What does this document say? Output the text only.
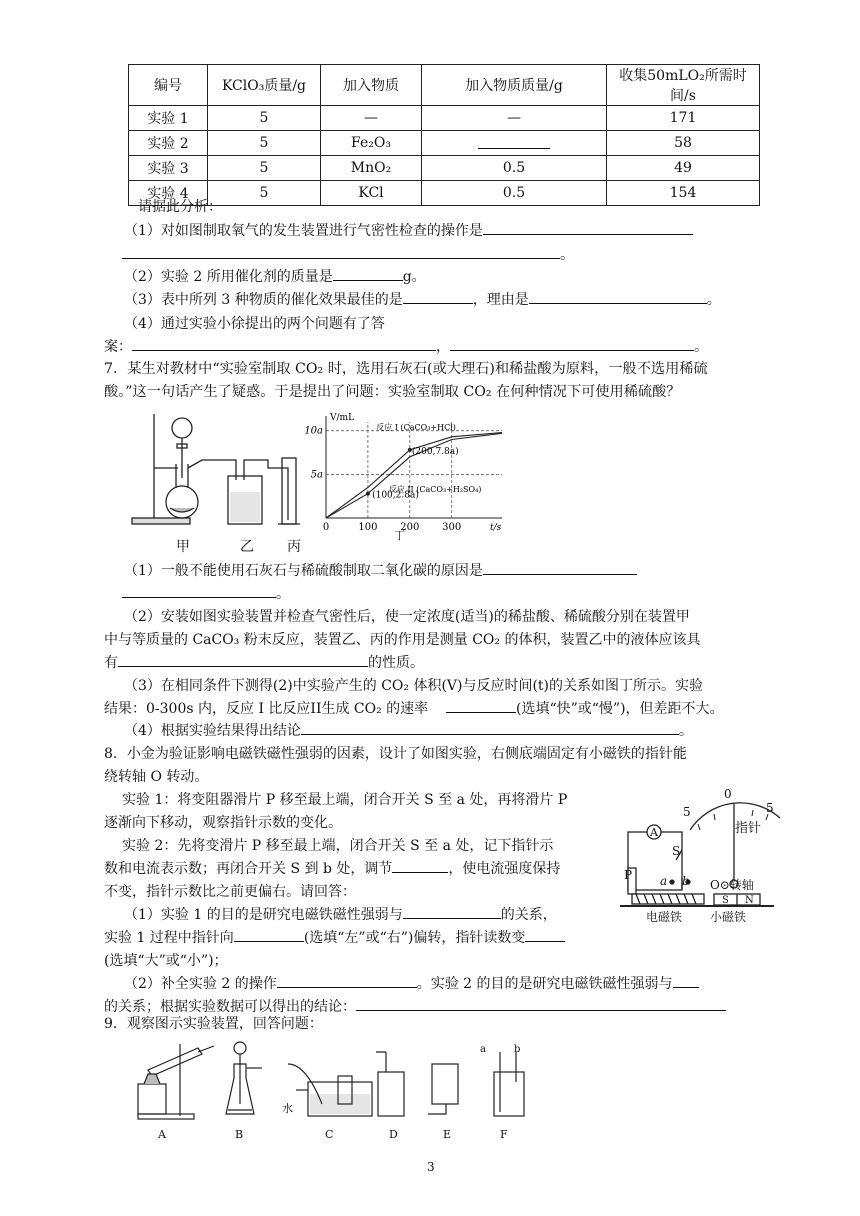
编号	KClO₃质量/g	加入物质	加入物质质量/g	收集50mLO₂所需时间/s
实验 1	5	—	—	171
实验 2	5	Fe₂O₃		58
实验 3	5	MnO₂	0.5	49
实验 4	5	KCl	0.5	154
请据此分析：
（1）对如图制取氧气的发生装置进行气密性检查的操作是
。
（2）实验 2 所用催化剂的质量是	g。
（3）表中所列 3 种物质的催化效果最佳的是	，理由是	。
（4）通过实验小徐提出的两个问题有了答
案：	，	。
7．某生对教材中“实验室制取 CO₂ 时，选用石灰石(或大理石)和稀盐酸为原料，一般不选用稀硫
酸。”这一句话产生了疑惑。于是提出了问题：实验室制取 CO₂ 在何种情况下可使用稀硫酸？
甲	乙 丙
0	100 200 300
5a
10a
V/mL
t/s
反应 I (CaCO₃+HCl)
反应 II (CaCO₃+H₂SO₄)
(200,7.8a)
(100,2.8a)
丁
（1）一般不能使用石灰石与稀硫酸制取二氧化碳的原因是
。
（2）安装如图实验装置并检查气密性后，使一定浓度(适当)的稀盐酸、稀硫酸分别在装置甲
中与等质量的 CaCO₃ 粉末反应，装置乙、丙的作用是测量 CO₂ 的体积，装置乙中的液体应该具
有	的性质。
（3）在相同条件下测得(2)中实验产生的 CO₂ 体积(V)与反应时间(t)的关系如图丁所示。实验
结果：0-300s 内，反应 I 比反应II生成 CO₂ 的速率	(选填“快”或“慢”)，但差距不大。
（4）根据实验结果得出结论	。
8．小金为验证影响电磁铁磁性强弱的因素，设计了如图实验，右侧底端固定有小磁铁的指针能
绕转轴 O 转动。
实验 1：将变阻器滑片 P 移至最上端，闭合开关 S 至 a 处，再将滑片 P
逐渐向下移动，观察指针示数的变化。
实验 2：先将变滑片 P 移至最上端，闭合开关 S 至 a 处，记下指针示
数和电流表示数；再闭合开关 S 到 b 处，调节	，使电流强度保持
不变，指针示数比之前更偏右。请回答：
（1）实验 1 的目的是研究电磁铁磁性强弱与	的关系，
实验 1 过程中指针向	(选填“左”或“右”)偏转，指针读数变
(选填“大”或“小”)；
（2）补全实验 2 的操作	。实验 2 的目的是研究电磁铁磁性强弱与
的关系；根据实验数据可以得出的结论：
0
5	5
指针
A
S
P a b O⊙转轴
S N
电磁铁 小磁铁
9．观察图示实验装置，回答问题：
A	B	C	D	E	F
水
a	b
3
